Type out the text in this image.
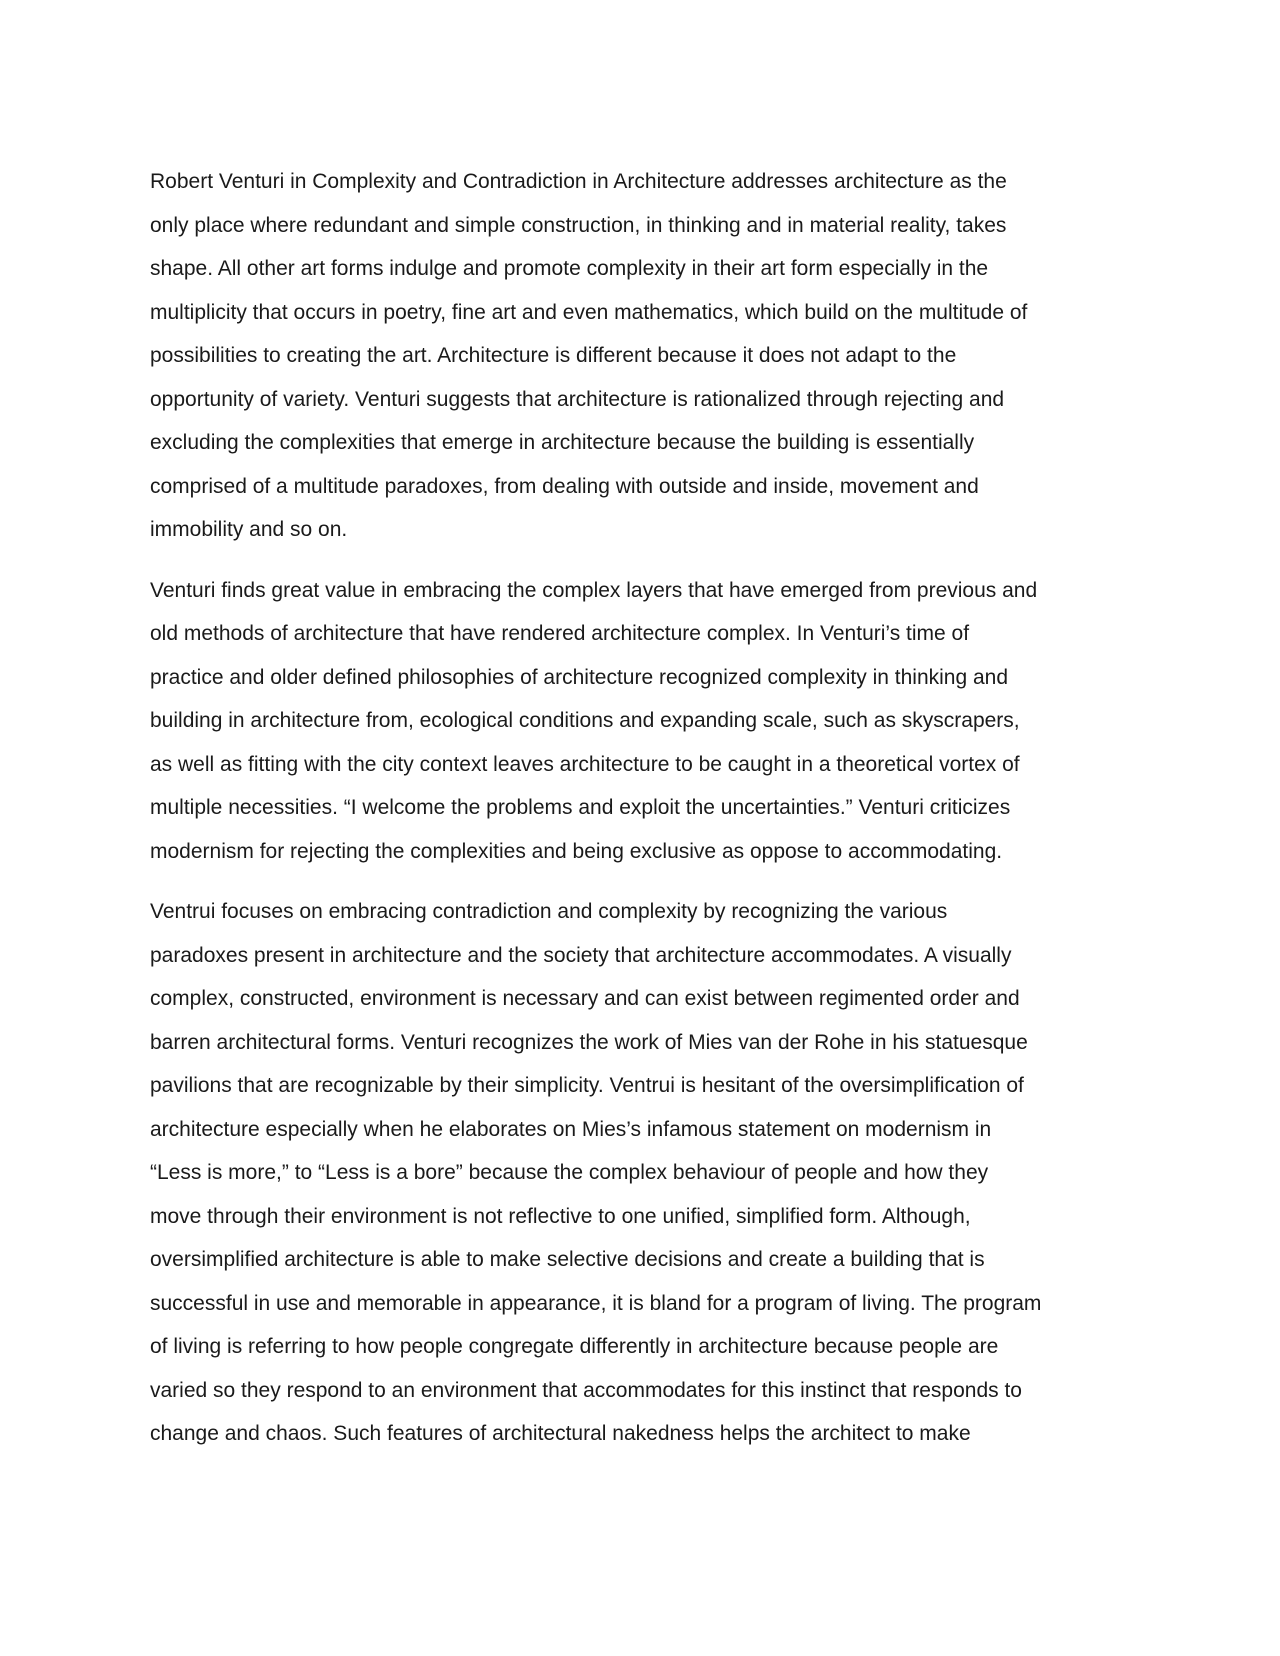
Robert Venturi in Complexity and Contradiction in Architecture addresses architecture as the
only place where redundant and simple construction, in thinking and in material reality, takes
shape. All other art forms indulge and promote complexity in their art form especially in the
multiplicity that occurs in poetry, fine art and even mathematics, which build on the multitude of
possibilities to creating the art. Architecture is different because it does not adapt to the
opportunity of variety. Venturi suggests that architecture is rationalized through rejecting and
excluding the complexities that emerge in architecture because the building is essentially
comprised of a multitude paradoxes, from dealing with outside and inside, movement and
immobility and so on.
Venturi finds great value in embracing the complex layers that have emerged from previous and
old methods of architecture that have rendered architecture complex. In Venturi’s time of
practice and older defined philosophies of architecture recognized complexity in thinking and
building in architecture from, ecological conditions and expanding scale, such as skyscrapers,
as well as fitting with the city context leaves architecture to be caught in a theoretical vortex of
multiple necessities. “I welcome the problems and exploit the uncertainties.” Venturi criticizes
modernism for rejecting the complexities and being exclusive as oppose to accommodating.
Ventrui focuses on embracing contradiction and complexity by recognizing the various
paradoxes present in architecture and the society that architecture accommodates. A visually
complex, constructed, environment is necessary and can exist between regimented order and
barren architectural forms. Venturi recognizes the work of Mies van der Rohe in his statuesque
pavilions that are recognizable by their simplicity. Ventrui is hesitant of the oversimplification of
architecture especially when he elaborates on Mies’s infamous statement on modernism in
“Less is more,” to “Less is a bore” because the complex behaviour of people and how they
move through their environment is not reflective to one unified, simplified form. Although,
oversimplified architecture is able to make selective decisions and create a building that is
successful in use and memorable in appearance, it is bland for a program of living. The program
of living is referring to how people congregate differently in architecture because people are
varied so they respond to an environment that accommodates for this instinct that responds to
change and chaos. Such features of architectural nakedness helps the architect to make
